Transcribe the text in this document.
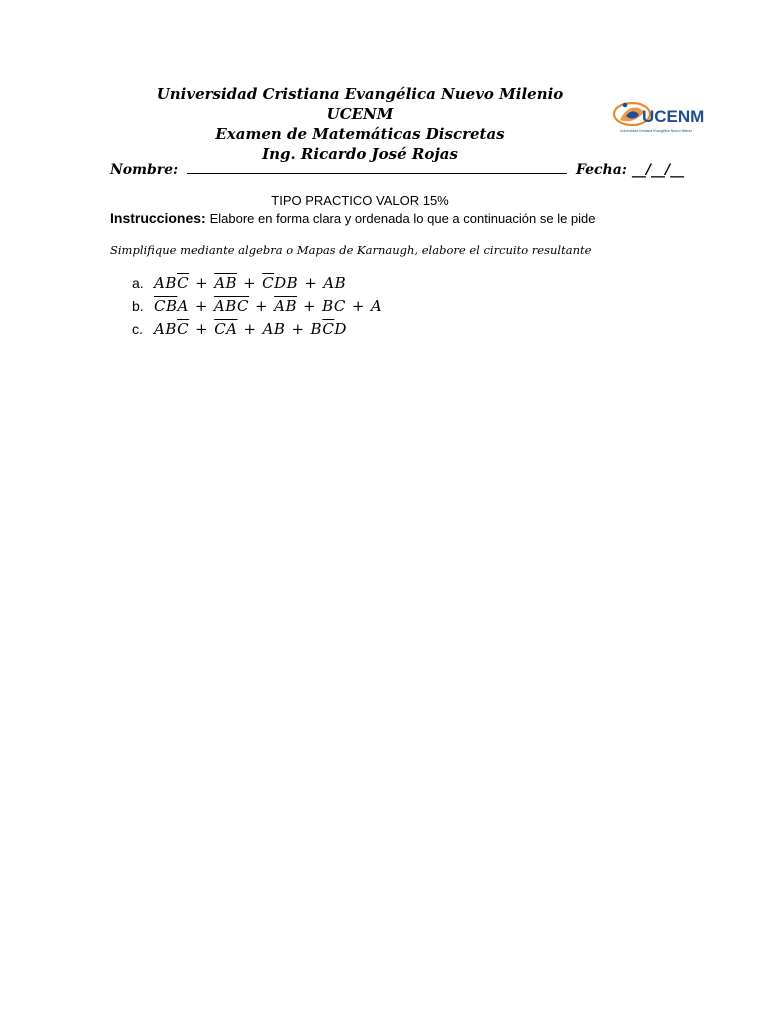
Universidad Cristiana Evangélica Nuevo Milenio
UCENM
Examen de Matemáticas Discretas
Ing. Ricardo José Rojas
UCENM
Universidad Cristiana Evangélica Nuevo Milenio
Nombre:	Fecha: __/__/__
TIPO PRACTICO VALOR 15%
Instrucciones: Elabore en forma clara y ordenada lo que a continuación se le pide
Simplifique mediante algebra o Mapas de Karnaugh, elabore el circuito resultante
a. $AB\overline{C} + \overline{AB} + \overline{C}DB$ + AB
b. $\overline{CB}A + \overline{ABC} + \overline{AB}$ + BC + A
c. $AB\overline{C} + \overline{CA}$ + AB + $B\overline{C}D$
